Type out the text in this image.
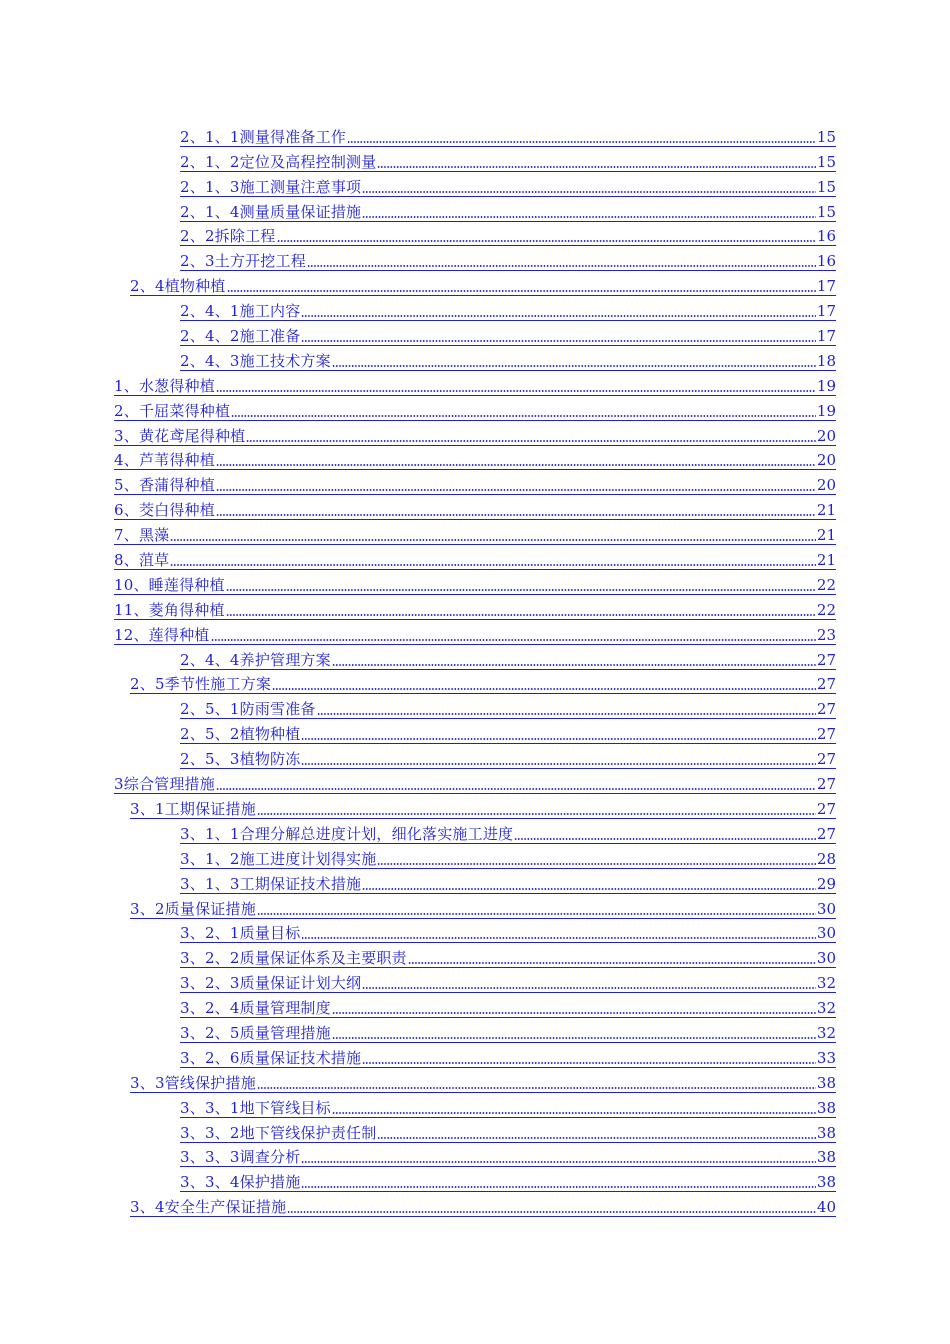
2、1、1测量得准备工作	15
2、1、2定位及高程控制测量	15
2、1、3施工测量注意事项	15
2、1、4测量质量保证措施	15
2、2拆除工程	16
2、3土方开挖工程	16
2、4植物种植	17
2、4、1施工内容	17
2、4、2施工准备	17
2、4、3施工技术方案	18
1、水葱得种植	19
2、千屈菜得种植	19
3、黄花鸢尾得种植	20
4、芦苇得种植	20
5、香蒲得种植	20
6、茭白得种植	21
7、黑藻	21
8、菹草	21
10、睡莲得种植	22
11、菱角得种植	22
12、莲得种植	23
2、4、4养护管理方案	27
2、5季节性施工方案	27
2、5、1防雨雪准备	27
2、5、2植物种植	27
2、5、3植物防冻	27
3综合管理措施	27
3、1工期保证措施	27
3、1、1合理分解总进度计划，细化落实施工进度	27
3、1、2施工进度计划得实施	28
3、1、3工期保证技术措施	29
3、2质量保证措施	30
3、2、1质量目标	30
3、2、2质量保证体系及主要职责	30
3、2、3质量保证计划大纲	32
3、2、4质量管理制度	32
3、2、5质量管理措施	32
3、2、6质量保证技术措施	33
3、3管线保护措施	38
3、3、1地下管线目标	38
3、3、2地下管线保护责任制	38
3、3、3调查分析	38
3、3、4保护措施	38
3、4安全生产保证措施	40
